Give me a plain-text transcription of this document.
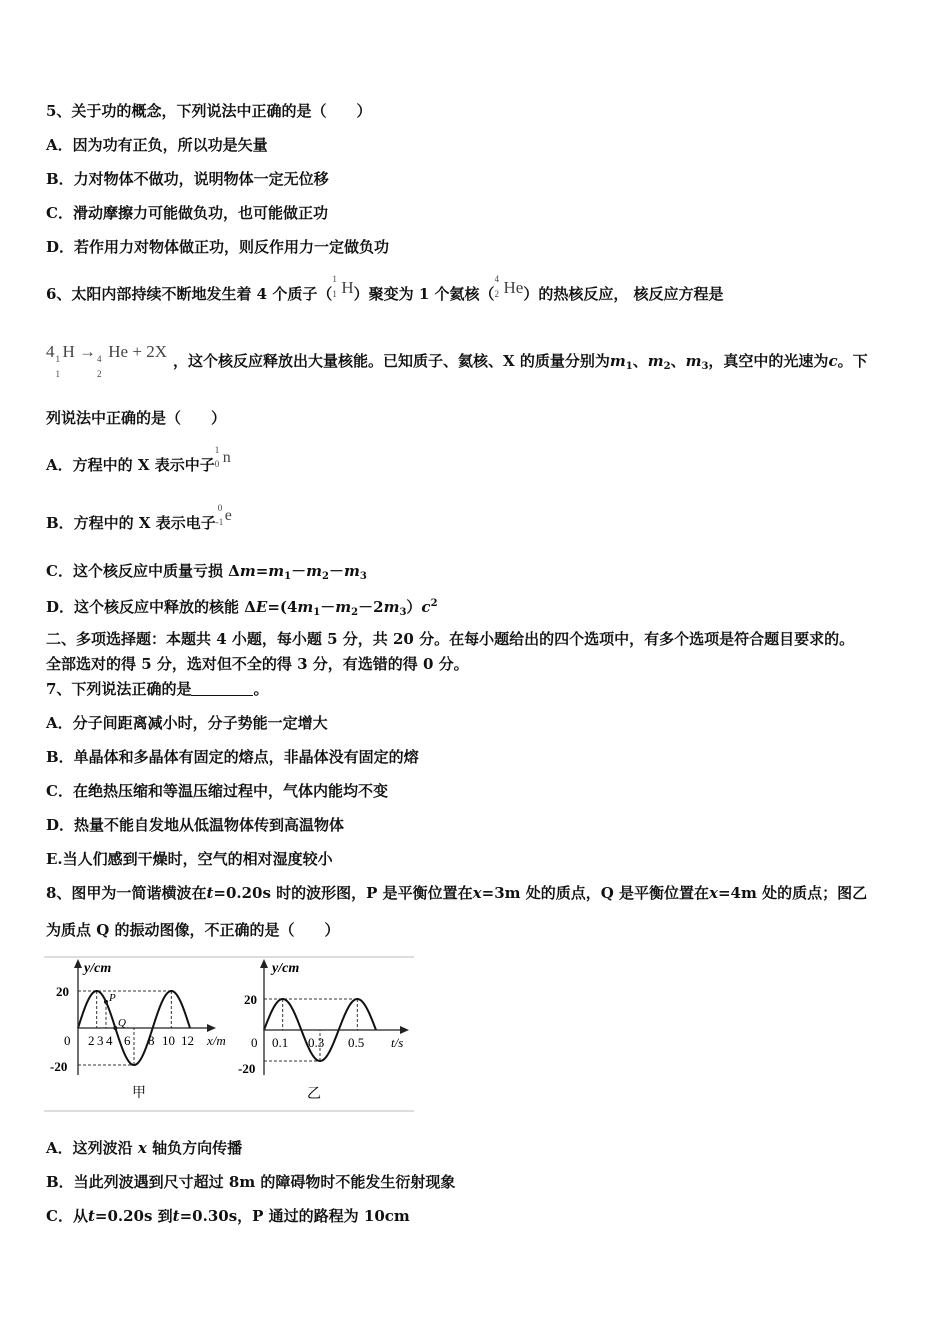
5、关于功的概念，下列说法中正确的是（　　）
A．因为功有正负，所以功是矢量
B．力对物体不做功，说明物体一定无位移
C．滑动摩擦力可能做负功，也可能做正功
D．若作用力对物体做正功，则反作用力一定做负功
6、太阳内部持续不断地发生着 4 个质子（
1
1 H）聚变为 1 个氦核（
4
2 He）的热核反应， 核反应方程是
4 1
1
H → 4
2
He + 2X ，这个核反应释放出大量核能。已知质子、氦核、X 的质量分别为$m_1$、$m_2$、$m_3$，真空中的光速为c。下
列说法中正确的是（　　）
A．方程中的 X 表示中子
1
0 n
B．方程中的 X 表示电子
0
-1 e
C．这个核反应中质量亏损 $\Delta m=m_1-m_2-m_3$
D．这个核反应中释放的核能 $\Delta E=(4m_1-m_2-2m_3)c^2$
二、多项选择题：本题共 4 小题，每小题 5 分，共 20 分。在每小题给出的四个选项中，有多个选项是符合题目要求的。
全部选对的得 5 分，选对但不全的得 3 分，有选错的得 0 分。
7、下列说法正确的是	。
A．分子间距离减小时，分子势能一定增大
B．单晶体和多晶体有固定的熔点，非晶体没有固定的熔
C．在绝热压缩和等温压缩过程中，气体内能均不变
D．热量不能自发地从低温物体传到高温物体
E.当人们感到干燥时，空气的相对湿度较小
8、图甲为一简谐横波在t=0.20s 时的波形图，P 是平衡位置在x=3m 处的质点，Q 是平衡位置在x=4m 处的质点；图乙
为质点 Q 的振动图像，不正确的是（　　）
y/cm
x/m
0
20
-20
2 3 4 6 8 10 12
P
Q
甲
y/cm
t/s
0
20
-20
0.1 0.3 0.5
乙
A．这列波沿 x 轴负方向传播
B．当此列波遇到尺寸超过 8m 的障碍物时不能发生衍射现象
C．从t=0.20s 到t=0.30s，P 通过的路程为 10cm
